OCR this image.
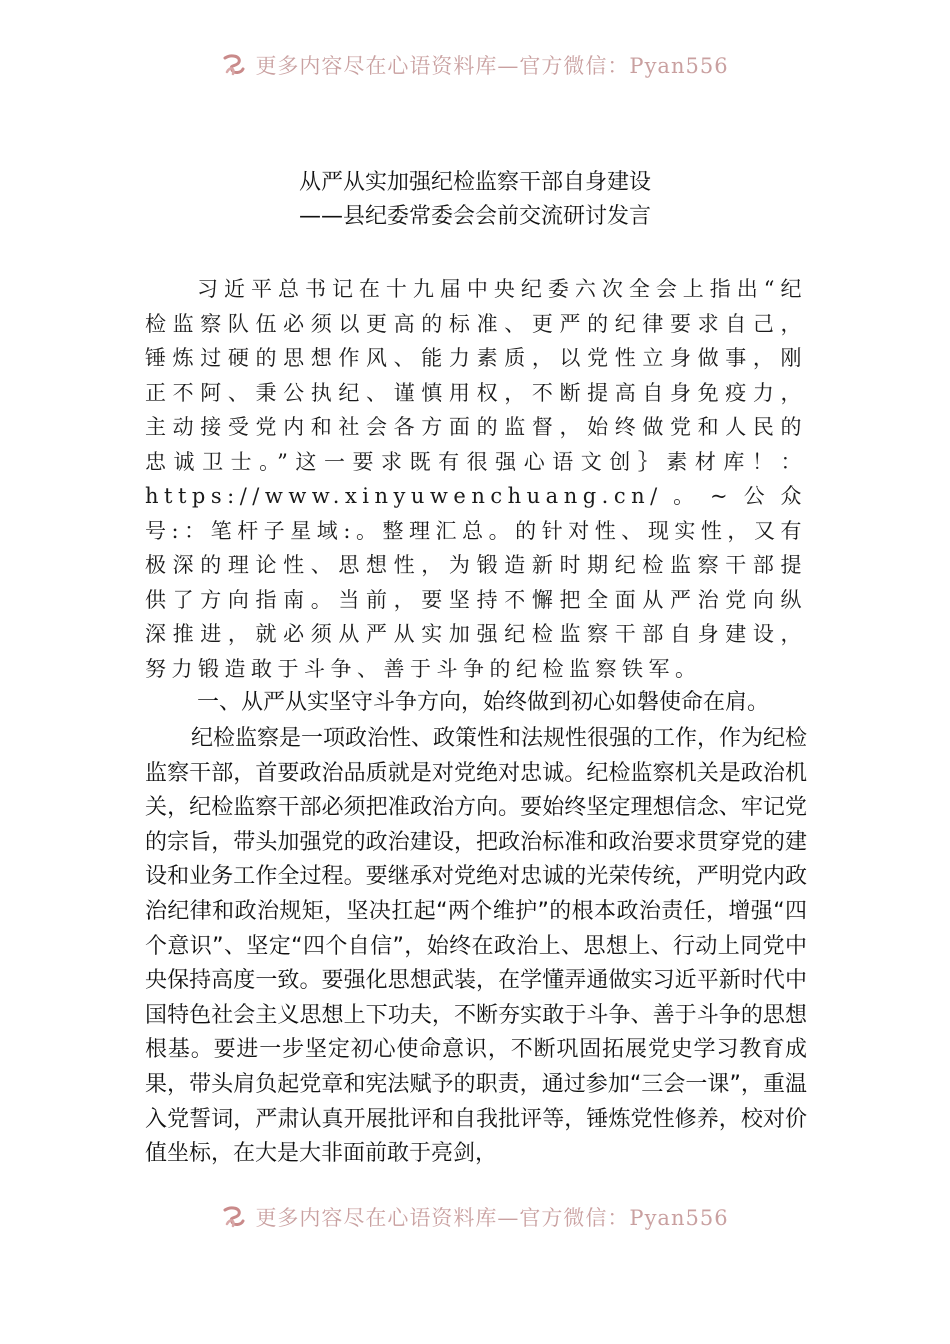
更多内容尽在心语资料库—官方微信：Pyan556
从严从实加强纪检监察干部自身建设
——县纪委常委会会前交流研讨发言

习近平总书记在十九届中央纪委六次全会上指出“纪检监察队伍必须以更高的标准、更严的纪律要求自己，锤炼过硬的思想作风、能力素质，以党性立身做事，刚正不阿、秉公执纪、谨慎用权，不断提高自身免疫力，主动接受党内和社会各方面的监督，始终做党和人民的忠诚卫士。”这一要求既有很强心语文创｝素材库！：https://www.xinyuwenchuang.cn/。~公众号:：笔杆子星域:。整理汇总。的针对性、现实性，又有极深的理论性、思想性，为锻造新时期纪检监察干部提供了方向指南。当前，要坚持不懈把全面从严治党向纵深推进，就必须从严从实加强纪检监察干部自身建设，努力锻造敢于斗争、善于斗争的纪检监察铁军。

一、从严从实坚守斗争方向，始终做到初心如磐使命在肩。

纪检监察是一项政治性、政策性和法规性很强的工作，作为纪检监察干部，首要政治品质就是对党绝对忠诚。纪检监察机关是政治机关，纪检监察干部必须把准政治方向。要始终坚定理想信念、牢记党的宗旨，带头加强党的政治建设，把政治标准和政治要求贯穿党的建设和业务工作全过程。要继承对党绝对忠诚的光荣传统，严明党内政治纪律和政治规矩，坚决扛起“两个维护”的根本政治责任，增强“四个意识”、坚定“四个自信”，始终在政治上、思想上、行动上同党中央保持高度一致。要强化思想武装，在学懂弄通做实习近平新时代中国特色社会主义思想上下功夫，不断夯实敢于斗争、善于斗争的思想根基。要进一步坚定初心使命意识，不断巩固拓展党史学习教育成果，带头肩负起党章和宪法赋予的职责，通过参加“三会一课”，重温入党誓词，严肃认真开展批评和自我批评等，锤炼党性修养，校对价值坐标，在大是大非面前敢于亮剑，

更多内容尽在心语资料库—官方微信：Pyan556
